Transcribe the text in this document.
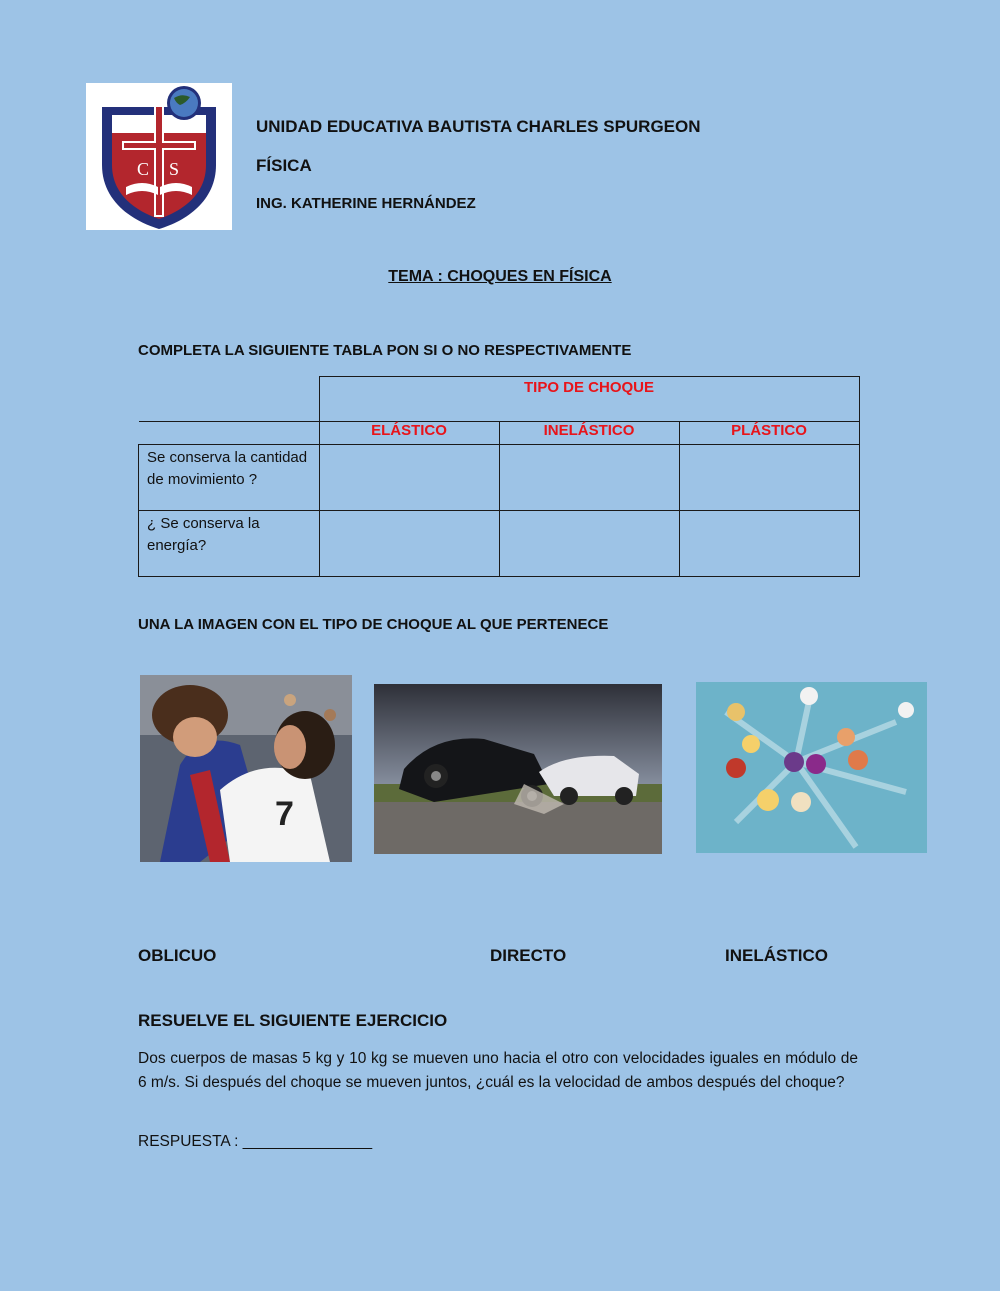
C S
UNIDAD EDUCATIVA BAUTISTA CHARLES SPURGEON
FÍSICA
ING. KATHERINE HERNÁNDEZ
TEMA : CHOQUES EN FÍSICA
COMPLETA LA SIGUIENTE TABLA PON SI O NO RESPECTIVAMENTE
	TIPO DE CHOQUE		
	ELÁSTICO	INELÁSTICO	PLÁSTICO
Se conserva la cantidad de movimiento ?			
¿ Se conserva la energía?			
UNA LA IMAGEN CON EL TIPO DE CHOQUE AL QUE PERTENECE
7
OBLICUO	DIRECTO	INELÁSTICO
RESUELVE EL SIGUIENTE EJERCICIO
Dos cuerpos de masas 5 kg y 10 kg se mueven uno hacia el otro con velocidades iguales en módulo de 6 m/s. Si después del choque se mueven juntos, ¿cuál es la velocidad de ambos después del choque?
RESPUESTA : _______________
